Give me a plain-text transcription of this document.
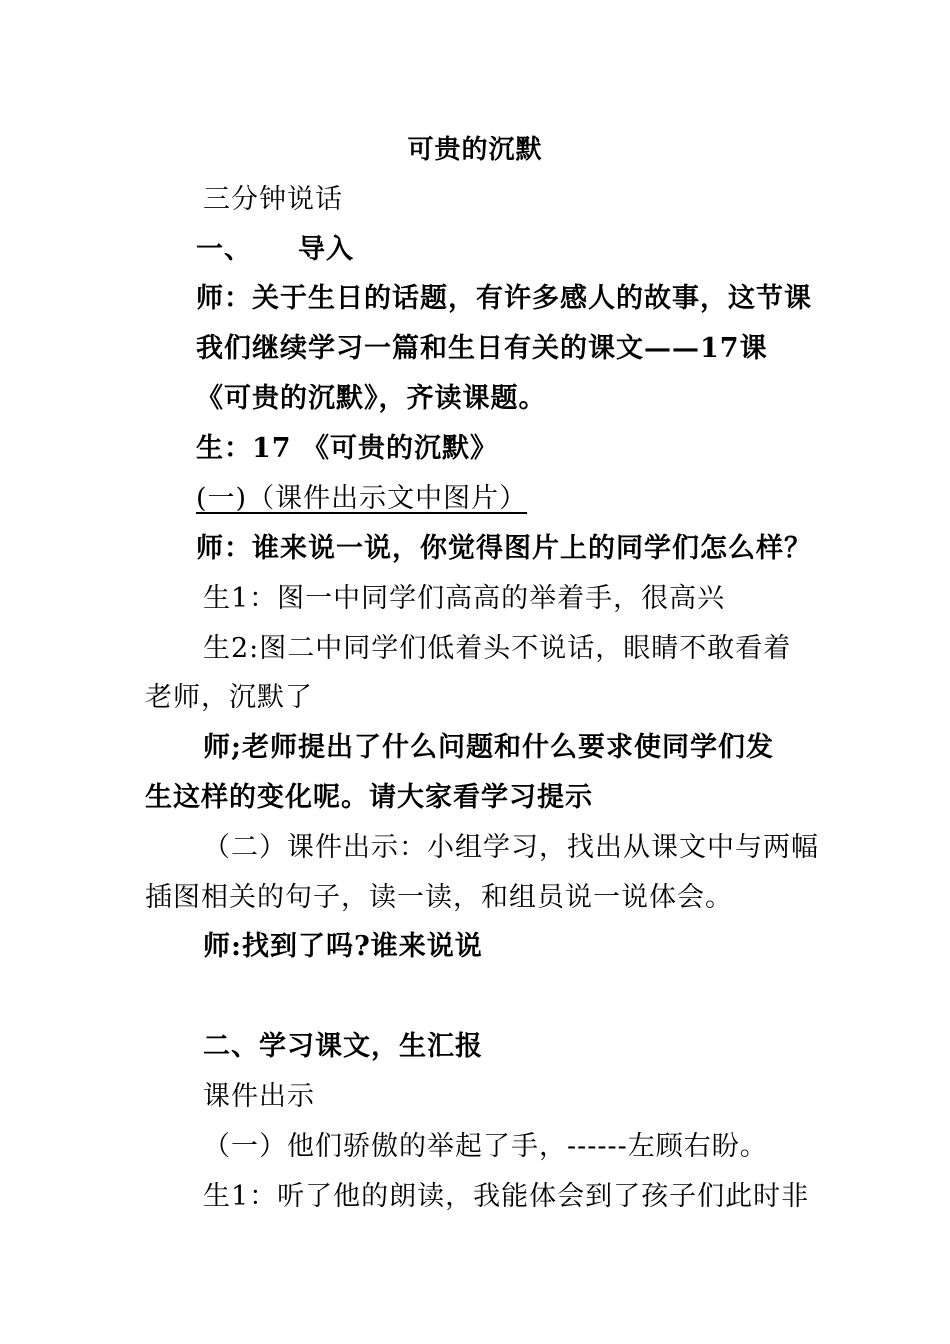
可贵的沉默
三分钟说话
一、 导入
师：关于生日的话题，有许多感人的故事，这节课
我们继续学习一篇和生日有关的课文——17课
《可贵的沉默》，齐读课题。
生：17 《可贵的沉默》
(一)（课件出示文中图片）
师：谁来说一说，你觉得图片上的同学们怎么样？
生1：图一中同学们高高的举着手，很高兴
生2:图二中同学们低着头不说话，眼睛不敢看着
老师，沉默了
师;老师提出了什么问题和什么要求使同学们发
生这样的变化呢。请大家看学习提示
（二）课件出示：小组学习，找出从课文中与两幅
插图相关的句子，读一读，和组员说一说体会。
师:找到了吗?谁来说说
二、学习课文，生汇报
课件出示
（一）他们骄傲的举起了手，------左顾右盼。
生1：听了他的朗读，我能体会到了孩子们此时非
